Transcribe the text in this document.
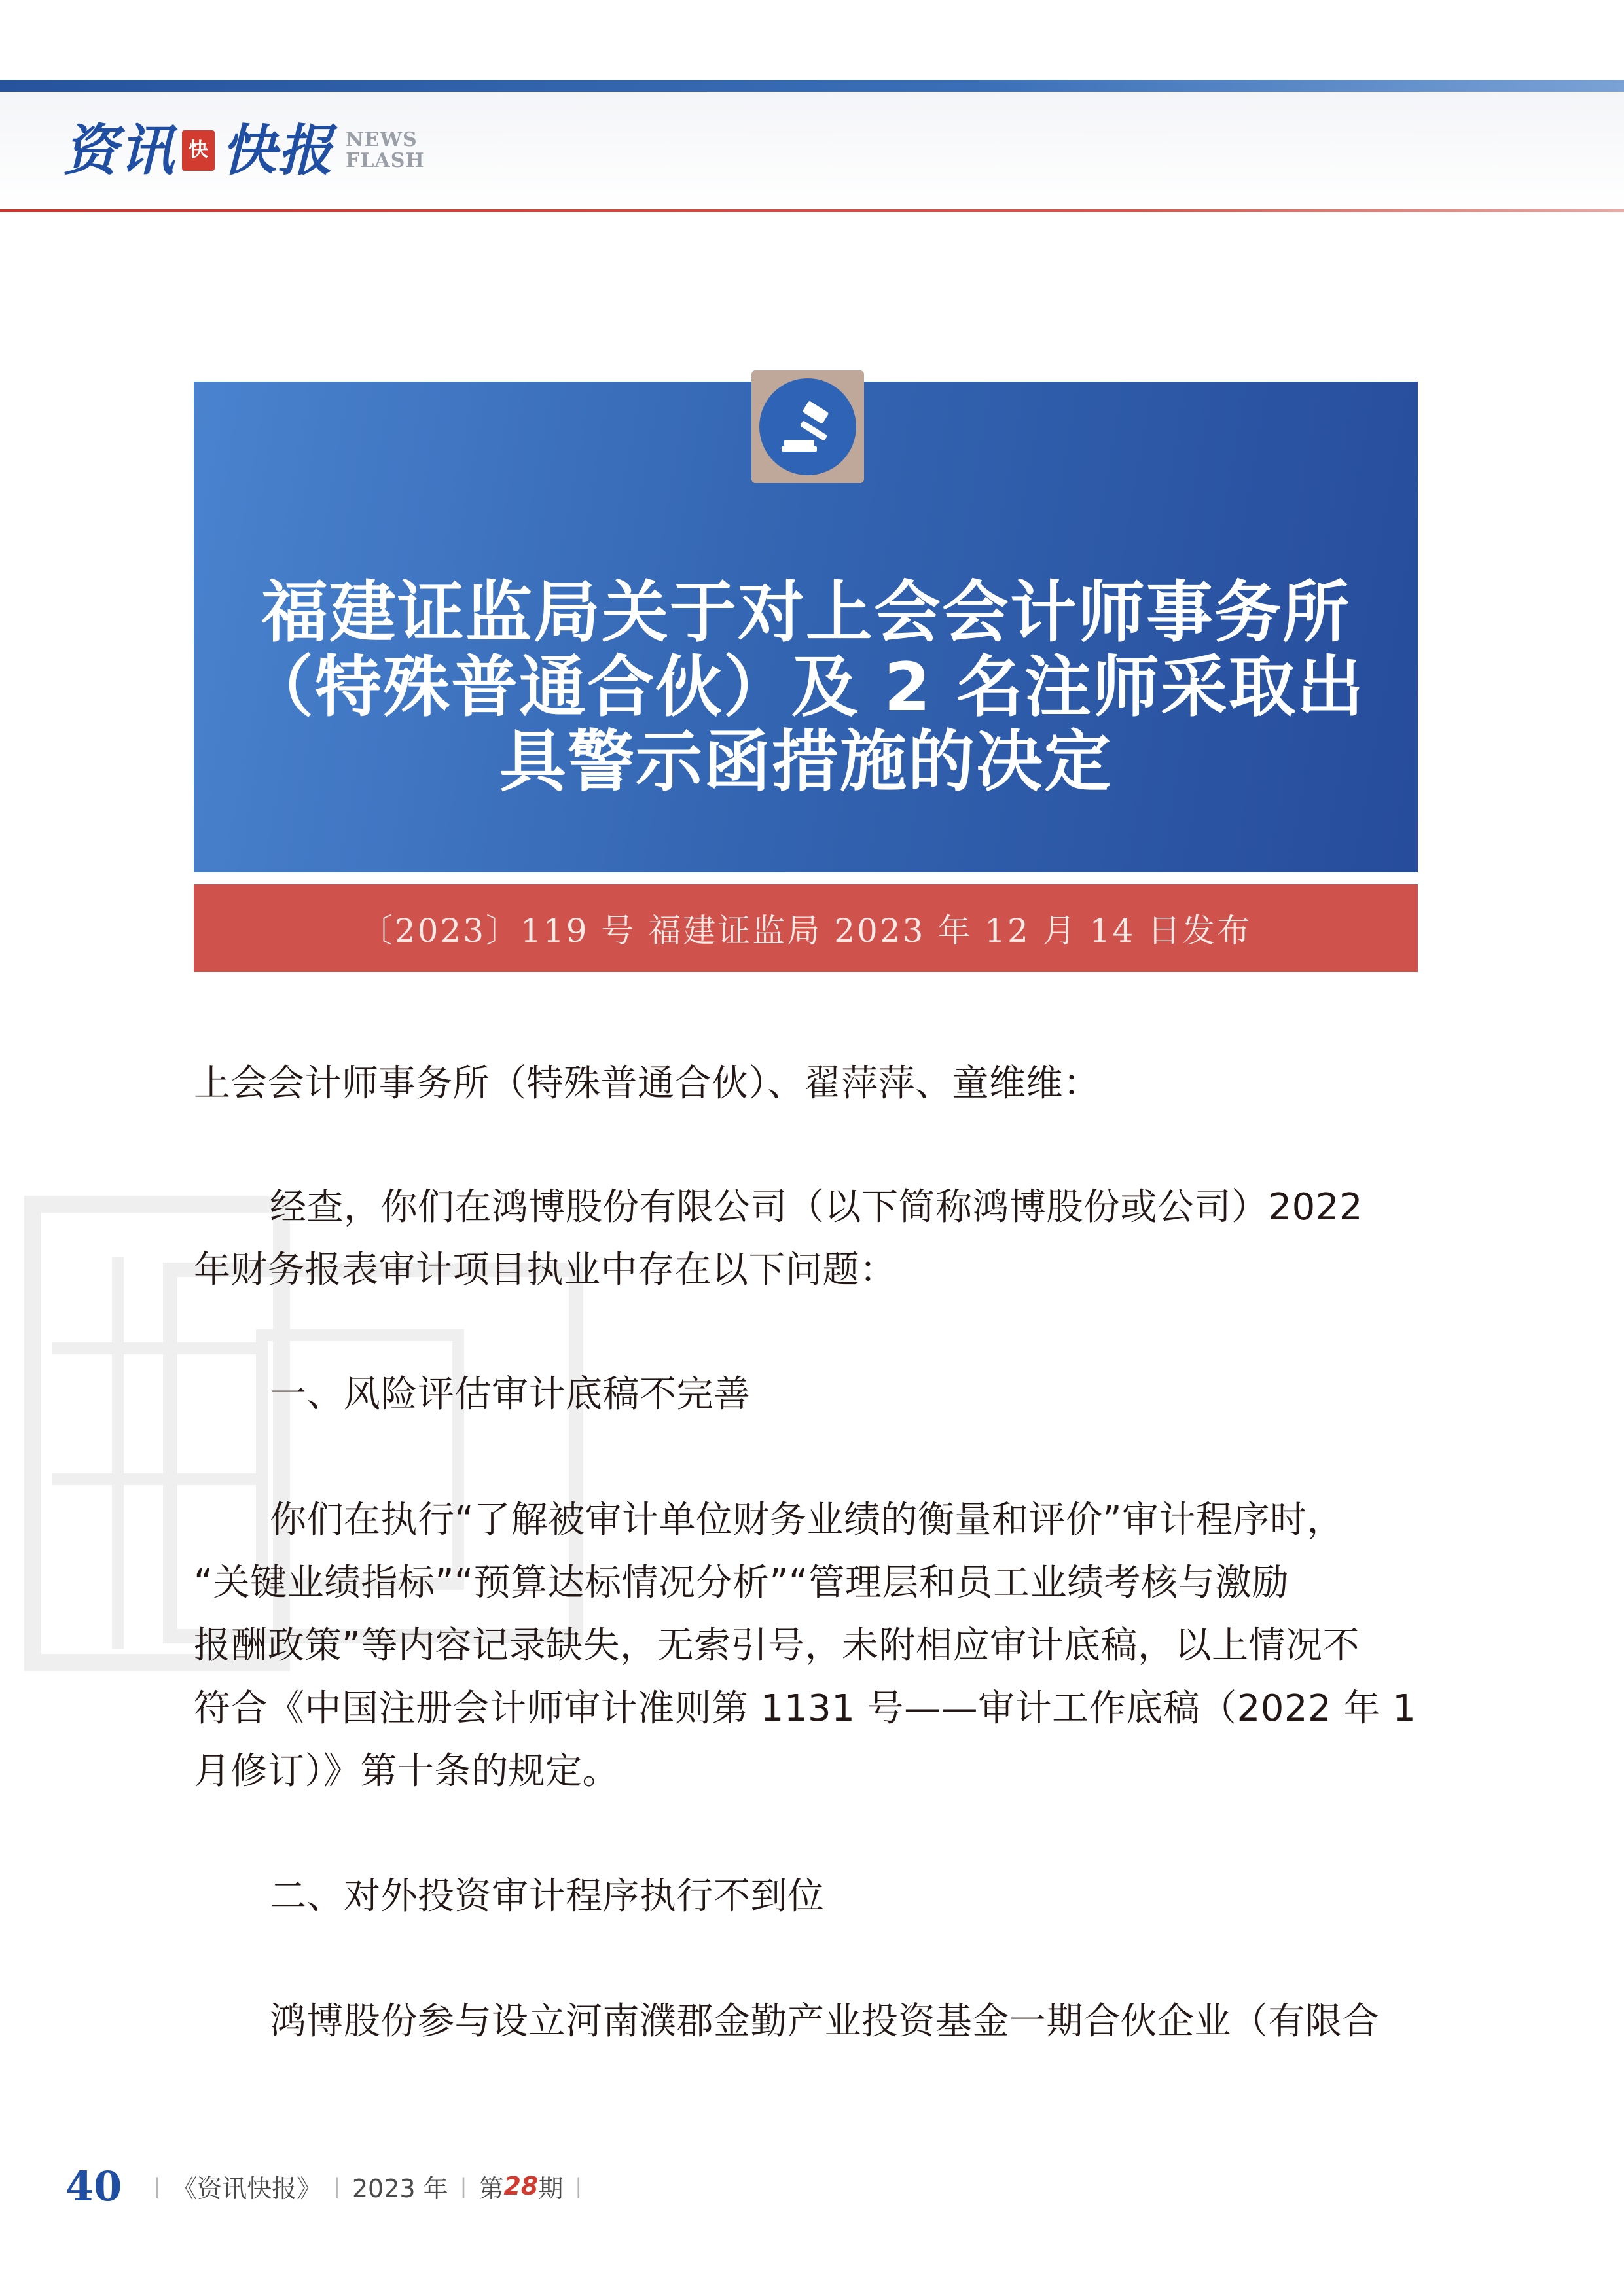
资讯 快 快报 NEWS
FLASH
福建证监局关于对上会会计师事务所
（特殊普通合伙）及 2 名注师采取出
具警示函措施的决定
〔2023〕119 号 福建证监局 2023 年 12 月 14 日发布

上会会计师事务所（特殊普通合伙）、翟萍萍、童维维：

经查，你们在鸿博股份有限公司（以下简称鸿博股份或公司）2022

年财务报表审计项目执业中存在以下问题：

一、风险评估审计底稿不完善

你们在执行“了解被审计单位财务业绩的衡量和评价”审计程序时，

“关键业绩指标”“预算达标情况分析”“管理层和员工业绩考核与激励

报酬政策”等内容记录缺失，无索引号，未附相应审计底稿，以上情况不

符合《中国注册会计师审计准则第 1131 号——审计工作底稿（2022 年 1

月修订）》第十条的规定。

二、对外投资审计程序执行不到位

鸿博股份参与设立河南濮郡金勤产业投资基金一期合伙企业（有限合

40 | 《资讯快报》 | 2023 年 | 第 28 期 |
